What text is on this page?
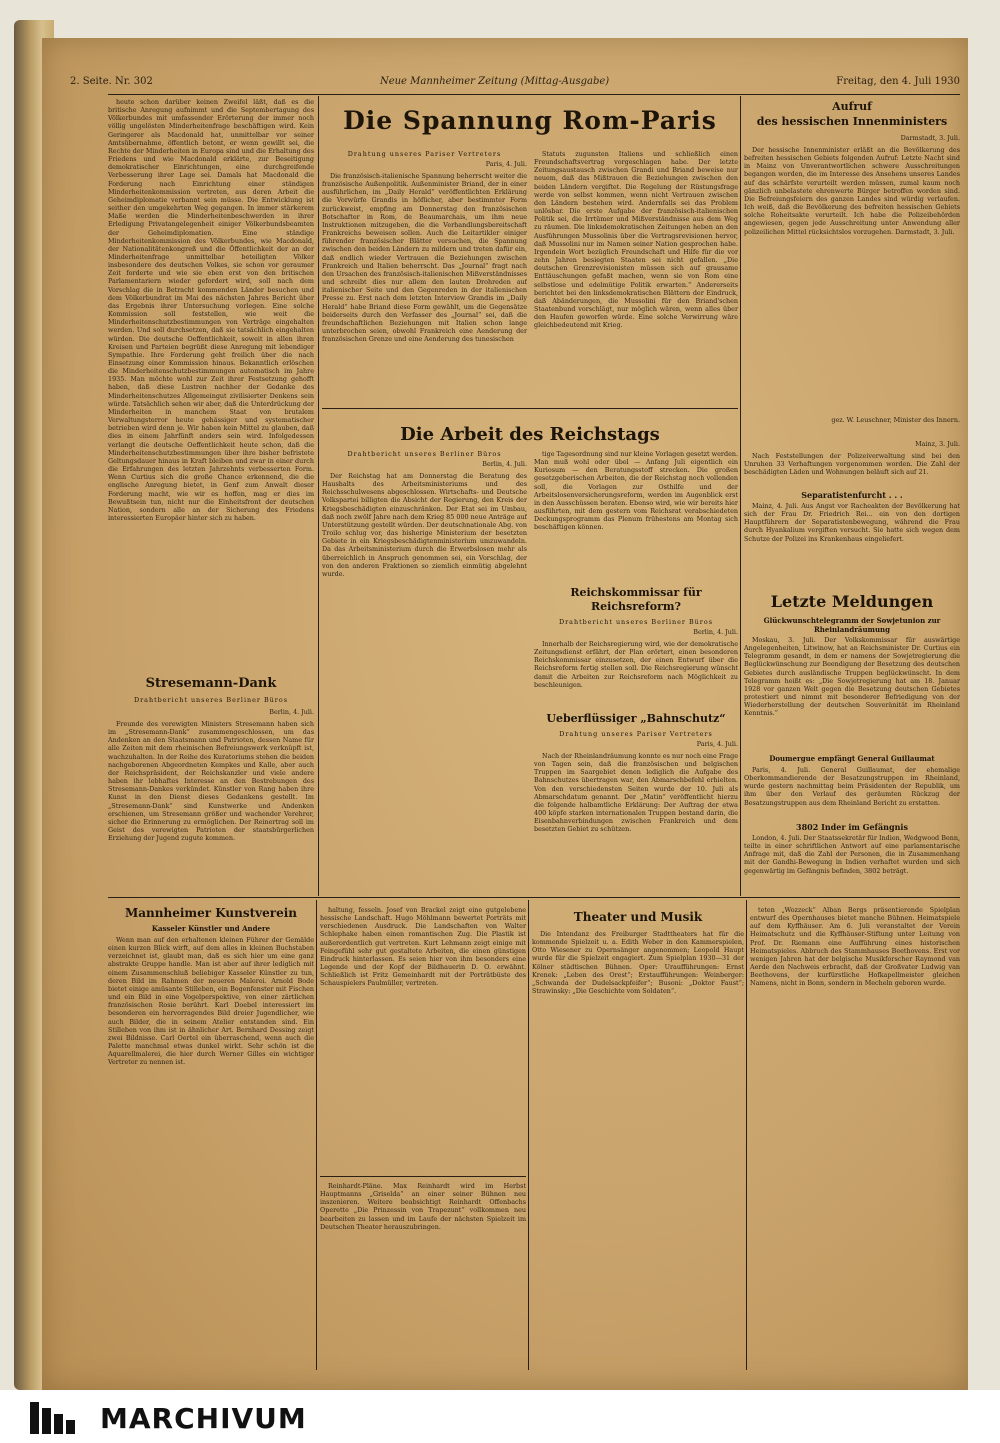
2. Seite. Nr. 302	Neue Mannheimer Zeitung (Mittag-Ausgabe)	Freitag, den 4. Juli 1930

heute schon darüber keinen Zweifel läßt, daß es die britische Anregung aufnimmt und die Septembertagung des Völkerbundes mit umfassender Erörterung der immer noch völlig ungelösten Minderheitenfrage beschäftigen wird. Kein Geringerer als Macdonald hat, unmittelbar vor seiner Amtsübernahme, öffentlich betont, er wenn gewillt sei, die Rechte der Minderheiten in Europa sind und die Erhaltung des Friedens und wie Macdonald erklärte, zur Beseitigung demokratischer Einrichtungen, eine durchgreifende Verbesserung ihrer Lage sei. Damals hat Macdonald die Forderung nach Einrichtung einer ständigen Minderheitenkommission vertreten, aus deren Arbeit die Geheimdiplomatie verbannt sein müsse. Die Entwicklung ist seither den umgekehrten Weg gegangen. In immer stärkerem Maße werden die Minderheitenbeschwerden in ihrer Erledigung Privatangelegenheit einiger Völkerbundsbeamten der Geheimdiplomatien. Eine ständige Minderheitenkommission des Völkerbundes, wie Macdonald, der Nationalitätenkongreß und die Öffentlichkeit der an der Minderheitenfrage unmittelbar beteiligten Völker insbesondere des deutschen Volkes, sie schon vor geraumer Zeit forderte und wie sie eben erst von den britischen Parlamentariern wieder gefordert wird, soll nach dem Vorschlag die in Betracht kommenden Länder besuchen und dem Völkerbundrat im Mai des nächsten Jahres Bericht über das Ergebnis ihrer Untersuchung vorlegen. Eine solche Kommission soll feststellen, wie weit die Minderheitenschutzbestimmungen von Verträge eingehalten werden. Und soll durchsetzen, daß sie tatsächlich eingehalten würden. Die deutsche Oeffentlichkeit, soweit in allen ihren Kreisen und Parteien begrüßt diese Anregung mit lebendiger Sympathie. Ihre Forderung geht freilich über die nach Einsetzung einer Kommission hinaus. Bekanntlich erlöschen die Minderheitenschutzbestimmungen automatisch im Jahre 1935. Man möchte wohl zur Zeit ihrer Festsetzung gehofft haben, daß diese Lustren nachher der Gedanke des Minderheitenschutzes Allgemeingut zivilisierter Denkens sein würde. Tatsächlich sehen wir aber, daß die Unterdrückung der Minderheiten in manchem Staat von brutalem Verwaltungsterror heute gehässiger und systematischer betrieben wird denn je. Wir haben kein Mittel zu glauben, daß dies in einem Jahrfünft anders sein wird. Infolgedessen verlangt die deutsche Oeffentlichkeit heute schon, daß die Minderheitenschutzbestimmungen über ihre bisher befristete Geltungsdauer hinaus in Kraft bleiben und zwar in einer durch die Erfahrungen des letzten Jahrzehnts verbesserten Form. Wenn Curtius sich die große Chance erkennend, die die englische Anregung bietet, in Genf zum Anwalt dieser Forderung macht, wie wir es hoffen, mag er dies im Bewußtsein tun, nicht nur die Einheitsfront der deutschen Nation, sondern alle an der Sicherung des Friedens interessierten Europäer hinter sich zu haben.

Stresemann-Dank
Drahtbericht unseres Berliner Büros
Berlin, 4. Juli.

Freunde des verewigten Ministers Stresemann haben sich im „Stresemann-Dank“ zusammengeschlossen, um das Andenken an den Staatsmann und Patrioten, dessen Name für alle Zeiten mit dem rheinischen Befreiungswerk verknüpft ist, wachzuhalten. In der Reihe des Kuratoriums stehen die beiden nachgeborenen Abgeordneten Kempkes und Kalle, aber auch der Reichspräsident, der Reichskanzler und viele andere haben ihr lebhaftes Interesse an den Bestrebungen des Stresemann-Dankes verkündet. Künstler von Rang haben ihre Kunst in den Dienst dieses Gedankens gestellt. Im „Stresemann-Dank“ sind Kunstwerke und Andenken erschienen, um Stresemann größer und wachender Verehrer, sicher die Erinnerung zu ermöglichen. Der Reinertrag soll im Geist des verewigten Patrioten der staatsbürgerlichen Erziehung der Jugend zugute kommen.

Die Spannung Rom-Paris
Drahtung unseres Pariser Vertreters
Paris, 4. Juli.

Die französisch-italienische Spannung beherrscht weiter die französische Außenpolitik. Außenminister Briand, der in einer ausführlichen, im „Daily Herald“ veröffentlichten Erklärung die Vorwürfe Grandis in höflicher, aber bestimmter Form zurückweist, empfing am Donnerstag den französischen Botschafter in Rom, de Beaumarchais, um ihm neue Instruktionen mitzugeben, die die Verhandlungsbereitschaft Frankreichs beweisen sollen. Auch die Leitartikler einiger führender französischer Blätter versuchen, die Spannung zwischen den beiden Ländern zu mildern und treten dafür ein, daß endlich wieder Vertrauen die Beziehungen zwischen Frankreich und Italien beherrscht. Das „Journal“ fragt nach den Ursachen des französisch-italienischen Mißverständnisses und schreibt dies nur allem den lauten Drohreden auf italienischer Seite und den Gegenreden in der italienischen Presse zu. Erst nach dem letzten Interview Grandis im „Daily Herald“ habe Briand diese Form gewählt, um die Gegensätze beiderseits durch den Verfasser des „Journal“ sei, daß die freundschaftlichen Beziehungen mit Italien schon lange unterbrochen seien, obwohl Frankreich eine Aenderung der französischen Grenze und eine Aenderung des tunesischen

Statuts zugunsten Italiens und schließlich einen Freundschaftsvertrag vorgeschlagen habe. Der letzte Zeitungsaustausch zwischen Grandi und Briand beweise nur neuem, daß das Mißtrauen die Beziehungen zwischen den beiden Ländern vergiftet. Die Regelung der Rüstungsfrage werde von selbst kommen, wenn nicht Vertrauen zwischen den Ländern bestehen wird. Andernfalls sei das Problem unlösbar. Die erste Aufgabe der französisch-italienischen Politik sei, die Irrtümer und Mißverständnisse aus dem Weg zu räumen. Die linksdemokratischen Zeitungen heben an den Ausführungen Mussolinis über die Vertragsrevisionen hervor, daß Mussolini nur im Namen seiner Nation gesprochen habe. Irgendein Wort bezüglich Freundschaft und Hilfe für die vor zehn Jahren besiegten Staaten sei nicht gefallen. „Die deutschen Grenzrevisionisten müssen sich auf grausame Enttäuschungen gefaßt machen, wenn sie von Rom eine selbstlose und edelmütige Politik erwarten.“ Andererseits berichtet bei den linksdemokratischen Blättern der Eindruck, daß Abänderungen, die Mussolini für den Briand'schen Staatenbund vorschlägt, nur möglich wären, wenn alles über den Haufen geworfen würde. Eine solche Verwirrung wäre gleichbedeutend mit Krieg.

Aufruf
des hessischen Innenministers
Darmstadt, 3. Juli.

Der hessische Innenminister erläßt an die Bevölkerung des befreiten hessischen Gebiets folgenden Aufruf: Letzte Nacht sind in Mainz von Unverantwortlichen schwere Ausschreitungen begangen worden, die im Interesse des Ansehens unseres Landes auf das schärfste verurteilt werden müssen, zumal kaum noch gänzlich unbelastete ehrenwerte Bürger betroffen worden sind. Die Befreiungsfeiern des ganzen Landes sind würdig verlaufen. Ich weiß, daß die Bevölkerung des befreiten hessischen Gebiets solche Roheitsakte verurteilt. Ich habe die Polizeibehörden angewiesen, gegen jede Ausschreitung unter Anwendung aller polizeilichen Mittel rücksichtslos vorzugehen. Darmstadt, 3. Juli.

gez. W. Leuschner, Minister des Innern.
Mainz, 3. Juli.

Nach Feststellungen der Polizeiverwaltung sind bei den Unruhen 33 Verhaftungen vorgenommen worden. Die Zahl der beschädigten Läden und Wohnungen beläuft sich auf 21.

Separatistenfurcht . . .

Mainz, 4. Juli. Aus Angst vor Racheakten der Bevölkerung hat sich der Frau Dr. Friedrich Rei... ein von den dortigen Hauptführern der Separatistenbewegung, während die Frau durch Hyankalium vergiften versucht. Sie hatte sich wegen dem Schutze der Polizei ins Krankenhaus eingeliefert.

Die Arbeit des Reichstags
Drahtbericht unseres Berliner Büros
Berlin, 4. Juli.

Der Reichstag hat am Donnerstag die Beratung des Haushalts des Arbeitsministeriums und des Reichsschulwesens abgeschlossen. Wirtschafts- und Deutsche Volkspartei billigten die Absicht der Regierung, den Kreis der Kriegsbeschädigten einzuschränken. Der Etat sei im Umbau, daß noch zwölf Jahre nach dem Krieg 85 000 neue Anträge auf Unterstützung gestellt würden. Der deutschnationale Abg. von Troilo schlug vor, das bisherige Ministerium der besetzten Gebiete in ein Kriegsbeschädigtenministerium umzuwandeln. Da das Arbeitsministerium durch die Erwerbslosen mehr als überreichlich in Anspruch genommen sei, ein Vorschlag, der von den anderen Fraktionen so ziemlich einmütig abgelehnt wurde.

tige Tagesordnung sind nur kleine Vorlagen gesetzt werden. Man muß wohl oder übel — Anfang Juli eigentlich ein Kuriosum — den Beratungsstoff strecken. Die großen gesetzgeberischen Arbeiten, die der Reichstag noch vollenden soll, die Vorlagen zur Osthilfe und der Arbeitslosenversicherungsreform, werden im Augenblick erst in den Ausschüssen beraten. Ebenso wird, wie wir bereits hier ausführten, mit dem gestern vom Reichsrat verabschiedeten Deckungsprogramm das Plenum frühestens am Montag sich beschäftigen können.

Reichskommissar für
Reichsreform?
Drahtbericht unseres Berliner Büros
Berlin, 4. Juli.

Innerhalb der Reichsregierung wird, wie der demokratische Zeitungsdienst erfährt, der Plan erörtert, einen besonderen Reichskommissar einzusetzen, der einen Entwurf über die Reichsreform fertig stellen soll. Die Reichsregierung wünscht damit die Arbeiten zur Reichsreform nach Möglichkeit zu beschleunigen.

Ueberflüssiger „Bahnschutz“
Drahtung unseres Pariser Vertreters
Paris, 4. Juli.

Nach der Rheinlandräumung konnte es nur noch eine Frage von Tagen sein, daß die französischen und belgischen Truppen im Saargebiet denen lediglich die Aufgabe des Bahnschutzes übertragen war, den Abmarschbefehl erhielten. Von den verschiedensten Seiten wurde der 10. Juli als Abmarschdatum genannt. Der „Matin“ veröffentlicht hierzu die folgende halbamtliche Erklärung: Der Auftrag der etwa 400 köpfe starken internationalen Truppen bestand darin, die Eisenbahnverbindungen zwischen Frankreich und dem besetzten Gebiet zu schützen.

Letzte Meldungen
Glückwunschtelegramm der Sowjetunion zur Rheinlandräumung

Moskau, 3. Juli. Der Volkskommissar für auswärtige Angelegenheiten, Litwinow, hat an Reichsminister Dr. Curtius ein Telegramm gesandt, in dem er namens der Sowjetregierung die Beglückwünschung zur Beendigung der Besetzung des deutschen Gebietes durch ausländische Truppen beglückwünscht. In dem Telegramm heißt es: „Die Sowjetregierung hat am 18. Januar 1928 vor ganzen Welt gegen die Besetzung deutschen Gebietes protestiert und nimmt mit besonderer Befriedigung von der Wiederherstellung der deutschen Souveränität im Rheinland Kenntnis.“

Doumergue empfängt General Guillaumat

Paris, 4. Juli. General Guillaumat, der ehemalige Oberkommandierende der Besatzungstruppen im Rheinland, wurde gestern nachmittag beim Präsidenten der Republik, um ihm über den Verlauf des geräumten Rückzug der Besatzungstruppen aus dem Rheinland Bericht zu erstatten.

3802 Inder im Gefängnis

London, 4. Juli. Der Staatssekretär für Indien, Wedgwood Benn, teilte in einer schriftlichen Antwort auf eine parlamentarische Anfrage mit, daß die Zahl der Personen, die in Zusammenhang mit der Gandhi-Bewegung in Indien verhaftet wurden und sich gegenwärtig im Gefängnis befinden, 3802 beträgt.

Mannheimer Kunstverein
Kasseler Künstler und Andere

Wenn man auf den erhaltenen kleinen Führer der Gemälde einen kurzen Blick wirft, auf dem alles in kleinen Buchstaben verzeichnet ist, glaubt man, daß es sich hier um eine ganz abstrakte Gruppe handle. Man ist aber auf ihrer lediglich mit einem Zusammenschluß beliebiger Kasseler Künstler zu tun, deren Bild im Rahmen der neueren Malerei. Arnold Bode bietet einige amüsante Stilleben, ein Bogenfenster mit Fischen und ein Bild in eine Vogelperspektive, von einer zärtlichen französischen Rosie berührt. Karl Doebel interessiert im besonderen ein hervorragendes Bild dreier Jugendlicher, wie auch Bilder, die in seinem Atelier entstanden sind. Ein Stilleben von ihm ist in ähnlicher Art. Bernhard Dessing zeigt zwei Bildnisse. Carl Oertel ein überraschend, wenn auch die Palette manchmal etwas dunkel wirkt. Sehr schön ist die Aquarellmalerei, die hier durch Werner Gilles ein wichtiger Vertreter zu nennen ist.

haltung, fesseln. Josef von Brackel zeigt eine gutgelebene hessische Landschaft. Hugo Möhlmann bewertet Porträts mit verschiedenen Ausdruck. Die Landschaften von Walter Schlephake haben einen romantischen Zug. Die Plastik ist außerordentlich gut vertreten. Kurt Lehmann zeigt einige mit Feingefühl sehr gut gestaltete Arbeiten, die einen günstigen Eindruck hinterlassen. Es seien hier von ihm besonders eine Legende und der Kopf der Bildhauerin D. O. erwähnt. Schließlich ist Fritz Gemeinhardt mit der Porträtbüste des Schauspielers Paulmüller, vertreten.

Reinhardt-Pläne. Max Reinhardt wird im Herbst Hauptmanns „Griselda“ an einer seiner Bühnen neu inszenieren. Weitere beabsichtigt Reinhardt Offenbachs Operette „Die Prinzessin von Trapezunt“ vollkommen neu bearbeiten zu lassen und im Laufe der nächsten Spielzeit im Deutschen Theater herauszubringen.

Theater und Musik

Die Intendanz des Freiburger Stadttheaters hat für die kommende Spielzeit u. a. Edith Weber in den Kammerspielen, Otto Wiesener zu Opernsänger angenommen; Leopold Haupt wurde für die Spielzeit engagiert. Zum Spielplan 1930—31 der Kölner städtischen Bühnen. Oper: Uraufführungen: Ernst Krenek: „Leben des Orest“; Erstaufführungen: Weinberger: „Schwanda der Dudelsackpfeifer“; Busoni: „Doktor Faust“; Strawinsky: „Die Geschichte vom Soldaten“.

teten „Wozzeck“ Alban Bergs präsentierende Spielplan entwurf des Opernhauses bietet manche Bühnen. Heimatspiele auf dem Kyffhäuser. Am 6. Juli veranstaltet der Verein Heimatschutz und die Kyffhäuser-Stiftung unter Leitung von Prof. Dr. Riemann eine Aufführung eines historischen Heimatspieles. Abbruch des Stammhauses Beethovens. Erst vor wenigen Jahren hat der belgische Musikforscher Raymond van Aerde den Nachweis erbracht, daß der Großvater Ludwig van Beethovens, der kurfürstliche Hofkapellmeister gleichen Namens, nicht in Bonn, sondern in Mecheln geboren wurde.

MARCHIVUM
